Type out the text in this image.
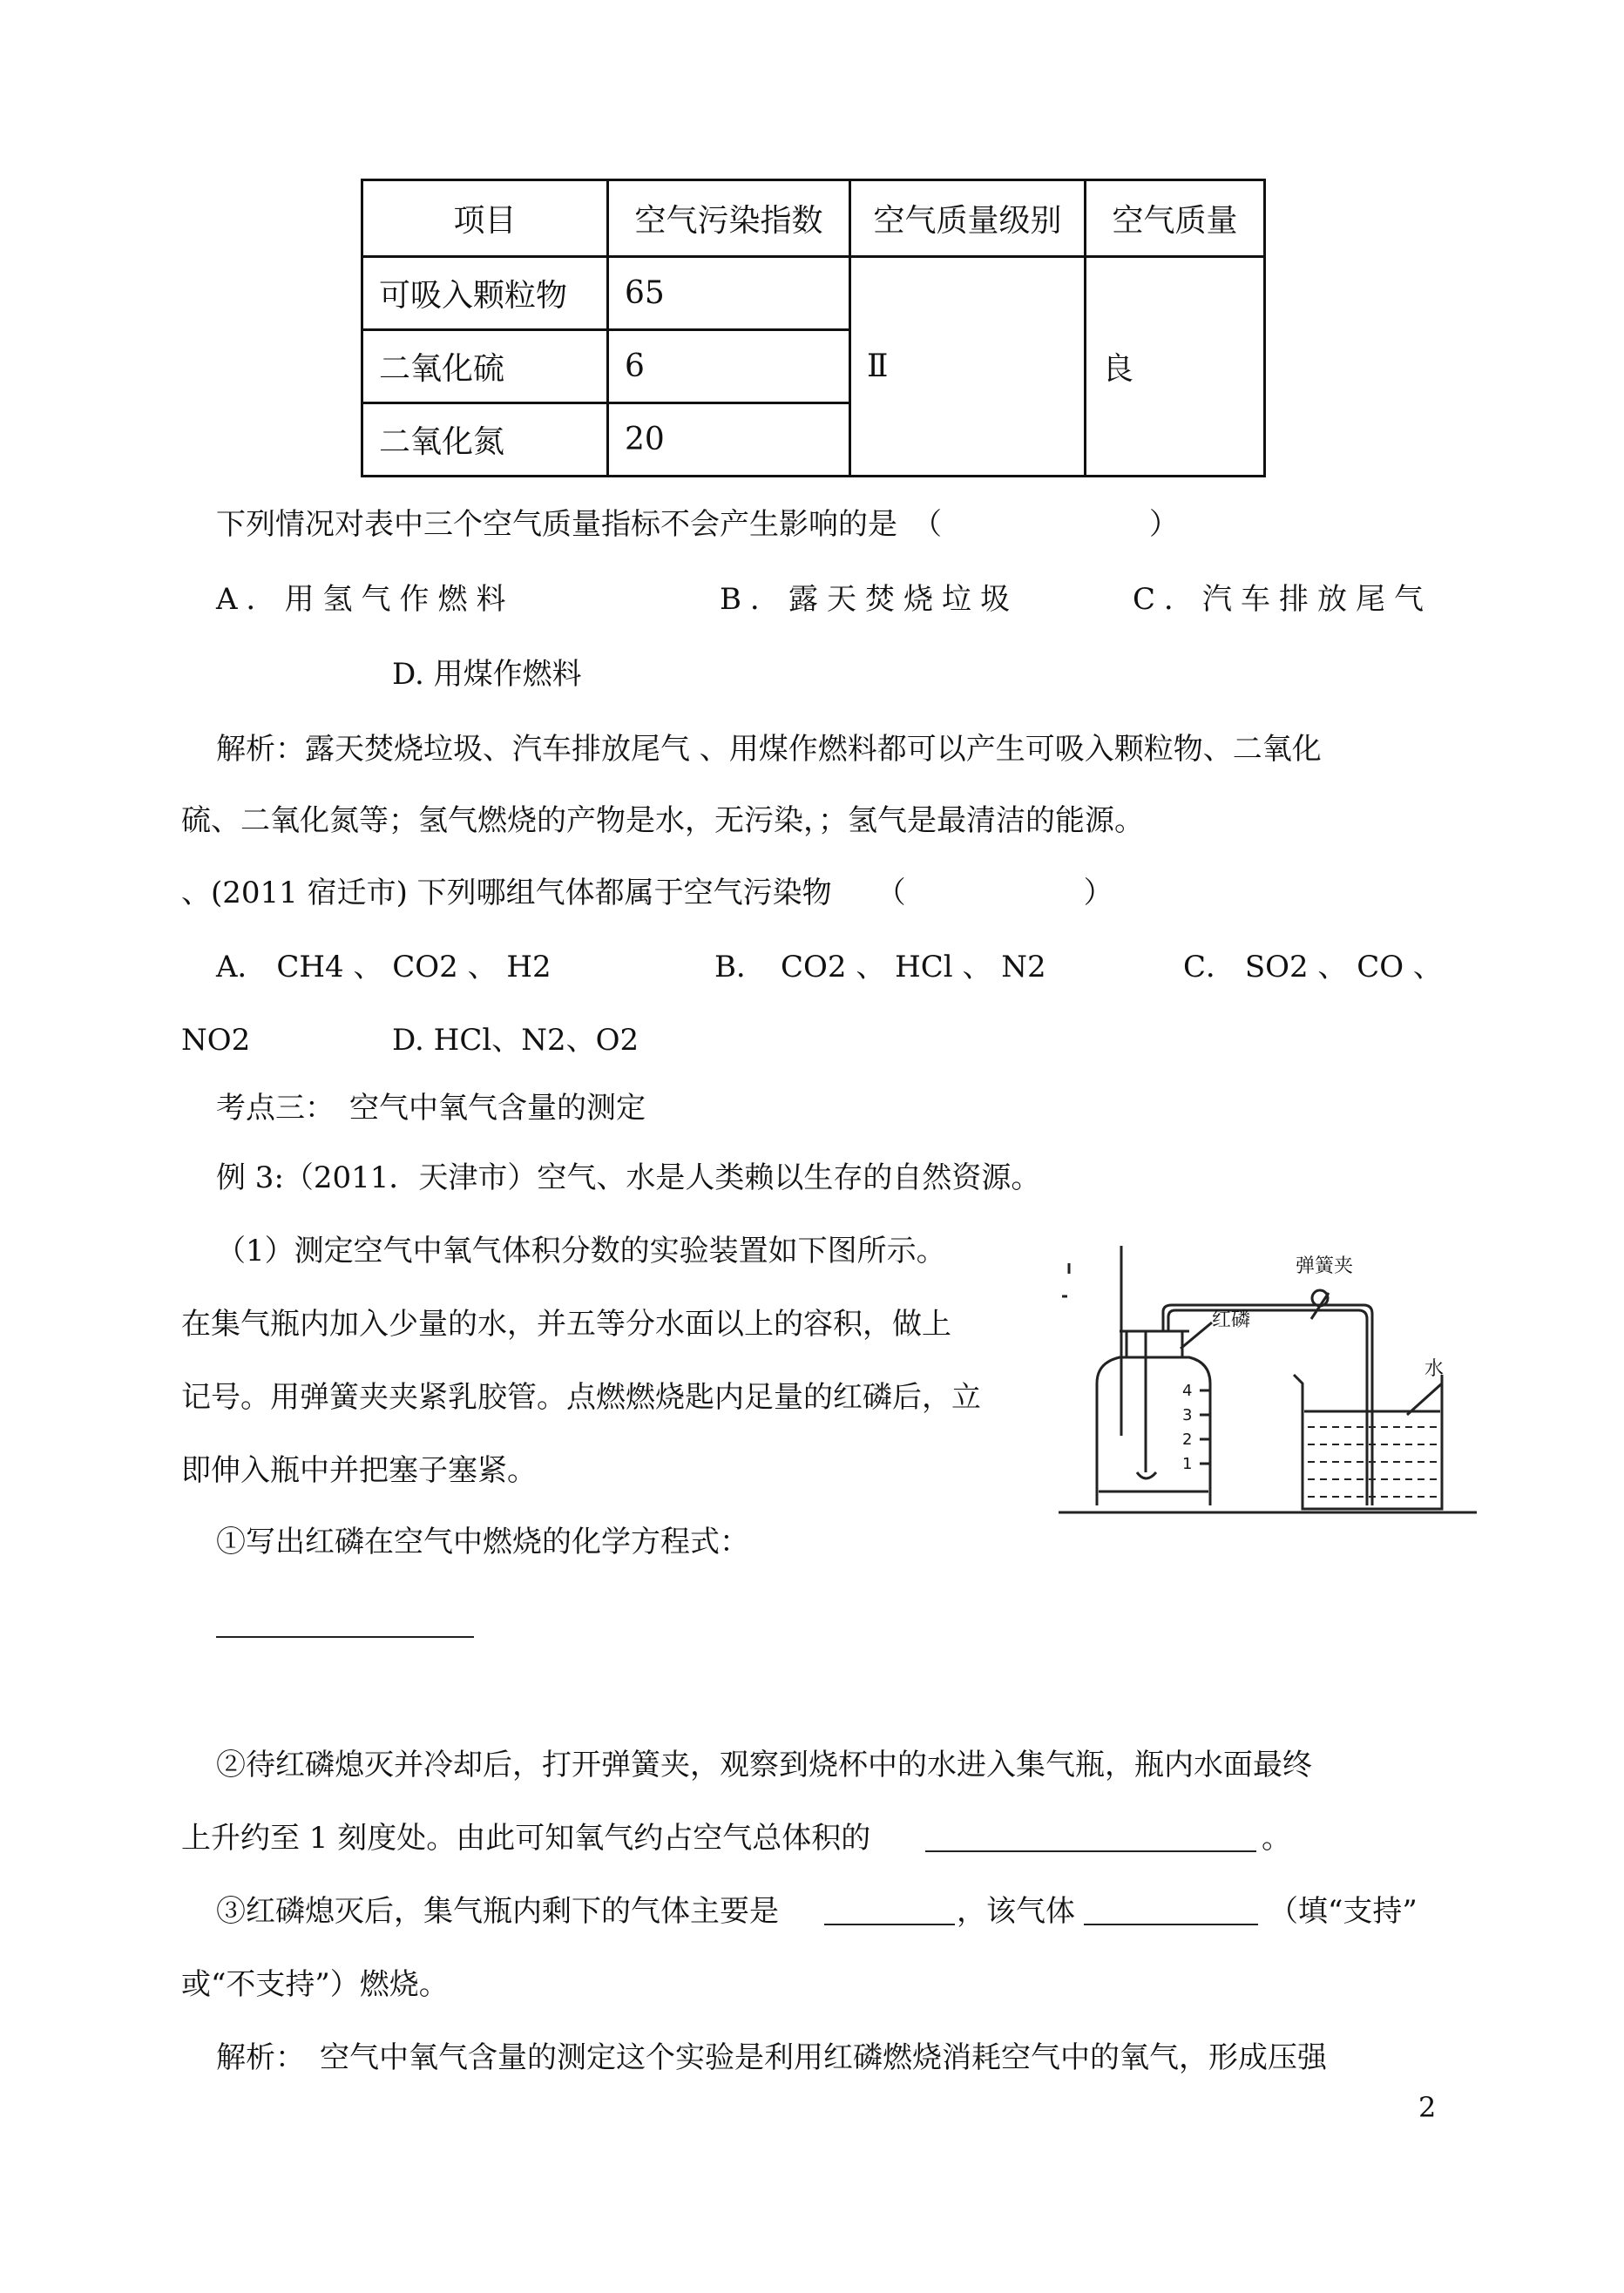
项目	空气污染指数	空气质量级别	空气质量
可吸入颗粒物	65	Ⅱ	良
二氧化硫	6		
二氧化氮	20		
下列情况对表中三个空气质量指标不会产生影响的是　（　　　　　　　）
A．用氢气作燃料	B．露天焚烧垃圾	C．汽车排放尾气
D. 用煤作燃料
解析：露天焚烧垃圾、汽车排放尾气 、用煤作燃料都可以产生可吸入颗粒物、二氧化
硫、二氧化氮等；氢气燃烧的产物是水，无污染，；氢气是最清洁的能源。
、(2011 宿迁市) 下列哪组气体都属于空气污染物　　（　　　　　　）
A． CH4 、 CO2 、 H2	B．　CO2 、 HCl 、 N2	C． SO2 、 CO 、
NO2	D. HCl、N2、O2
考点三：　空气中氧气含量的测定
例 3:（2011．天津市）空气、水是人类赖以生存的自然资源。
（1）测定空气中氧气体积分数的实验装置如下图所示。
在集气瓶内加入少量的水，并五等分水面以上的容积，做上
记号。用弹簧夹夹紧乳胶管。点燃燃烧匙内足量的红磷后，立
即伸入瓶中并把塞子塞紧。
弹簧夹
红磷
水
4
3
2
1
①写出红磷在空气中燃烧的化学方程式：
②待红磷熄灭并冷却后，打开弹簧夹，观察到烧杯中的水进入集气瓶，瓶内水面最终
上升约至 1 刻度处。由此可知氧气约占空气总体积的	。
③红磷熄灭后，集气瓶内剩下的气体主要是	，该气体	（填“支持”
或“不支持”）燃烧。
解析：　空气中氧气含量的测定这个实验是利用红磷燃烧消耗空气中的氧气，形成压强
2
